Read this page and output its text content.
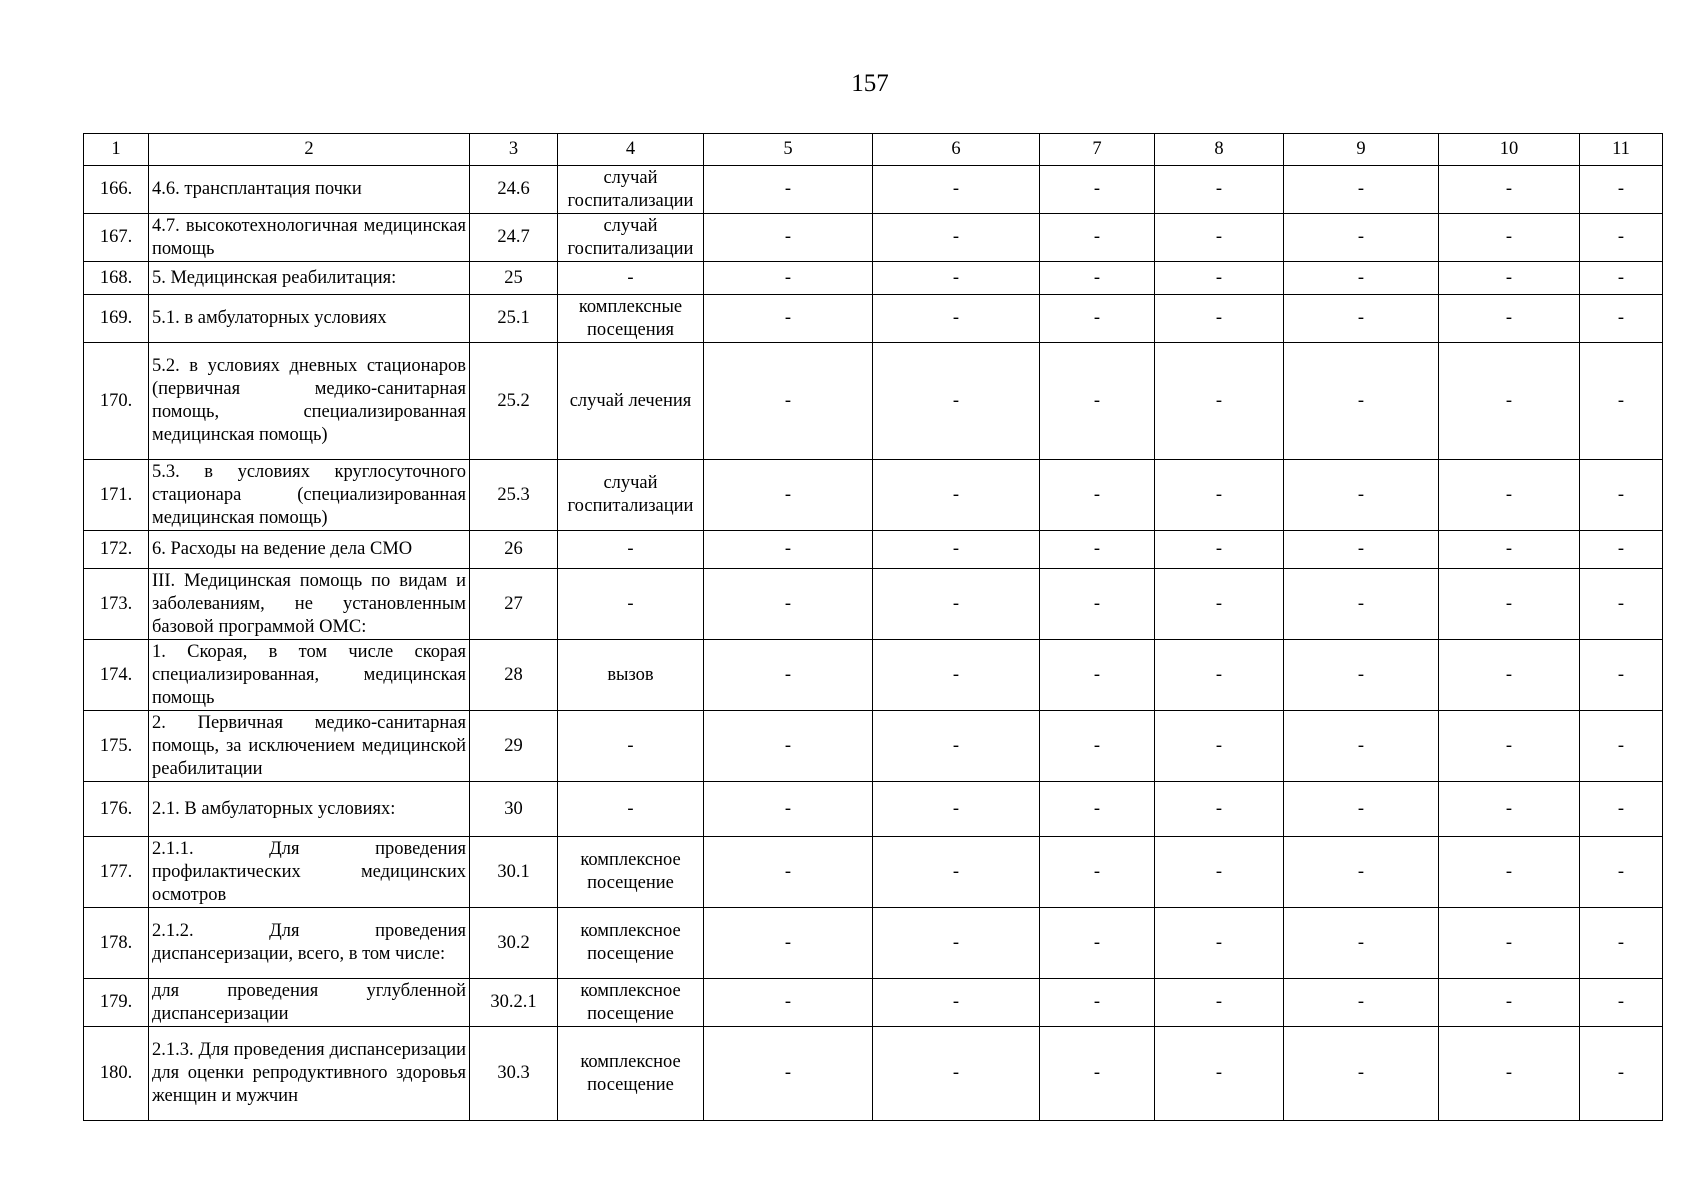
157
1	2	3	4	5	6	7	8	9	10	11
166.	4.6. трансплантация почки	24.6	случай госпитализации	-	-	-	-	-	-	-
167.	4.7. высокотехнологичная медицинская помощь	24.7	случай госпитализации	-	-	-	-	-	-	-
168.	5. Медицинская реабилитация:	25	-	-	-	-	-	-	-	-
169.	5.1. в амбулаторных условиях	25.1	комплексные посещения	-	-	-	-	-	-	-
170.	5.2. в условиях дневных стационаров (первичная медико-санитарная помощь, специализированная медицинская помощь)	25.2	случай лечения	-	-	-	-	-	-	-
171.	5.3. в условиях круглосуточного стационара (специализированная медицинская помощь)	25.3	случай госпитализации	-	-	-	-	-	-	-
172.	6. Расходы на ведение дела СМО	26	-	-	-	-	-	-	-	-
173.	III. Медицинская помощь по видам и заболеваниям, не установленным базовой программой ОМС:	27	-	-	-	-	-	-	-	-
174.	1. Скорая, в том числе скорая специализированная, медицинская помощь	28	вызов	-	-	-	-	-	-	-
175.	2. Первичная медико-санитарная помощь, за исключением медицинской реабилитации	29	-	-	-	-	-	-	-	-
176.	2.1. В амбулаторных условиях:	30	-	-	-	-	-	-	-	-
177.	2.1.1. Для проведения профилактических медицинских осмотров	30.1	комплексное посещение	-	-	-	-	-	-	-
178.	2.1.2. Для проведения диспансеризации, всего, в том числе:	30.2	комплексное посещение	-	-	-	-	-	-	-
179.	для проведения углубленной диспансеризации	30.2.1	комплексное посещение	-	-	-	-	-	-	-
180.	2.1.3. Для проведения диспансеризации для оценки репродуктивного здоровья женщин и мужчин	30.3	комплексное посещение	-	-	-	-	-	-	-
